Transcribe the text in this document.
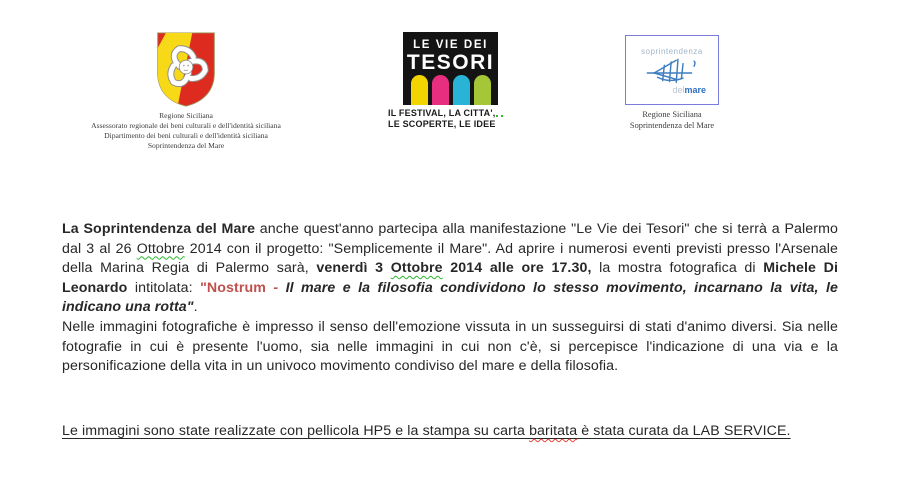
Regione Siciliana
Assessorato regionale dei beni culturali e dell'identità siciliana
Dipartimento dei beni culturali e dell'identità siciliana
Soprintendenza del Mare
LE VIE DEI
TESORI
IL FESTIVAL, LA CITTA',
LE SCOPERTE, LE IDEE
soprintendenza
delmare
Regione Siciliana
Soprintendenza del Mare

La Soprintendenza del Mare anche quest'anno partecipa alla manifestazione "Le Vie dei Tesori" che si terrà a Palermo dal 3 al 26 Ottobre 2014 con il progetto: "Semplicemente il Mare". Ad aprire i numerosi eventi previsti presso l'Arsenale della Marina Regia di Palermo sarà, venerdì 3 Ottobre 2014 alle ore 17.30, la mostra fotografica di Michele Di Leonardo intitolata: "Nostrum - Il mare e la filosofia condividono lo stesso movimento, incarnano la vita, le indicano una rotta".

Nelle immagini fotografiche è impresso il senso dell'emozione vissuta in un susseguirsi di stati d'animo diversi. Sia nelle fotografie in cui è presente l'uomo, sia nelle immagini in cui non c'è, si percepisce l'indicazione di una via e la personificazione della vita in un univoco movimento condiviso del mare e della filosofia.

Le immagini sono state realizzate con pellicola HP5 e la stampa su carta baritata è stata curata da LAB SERVICE.
